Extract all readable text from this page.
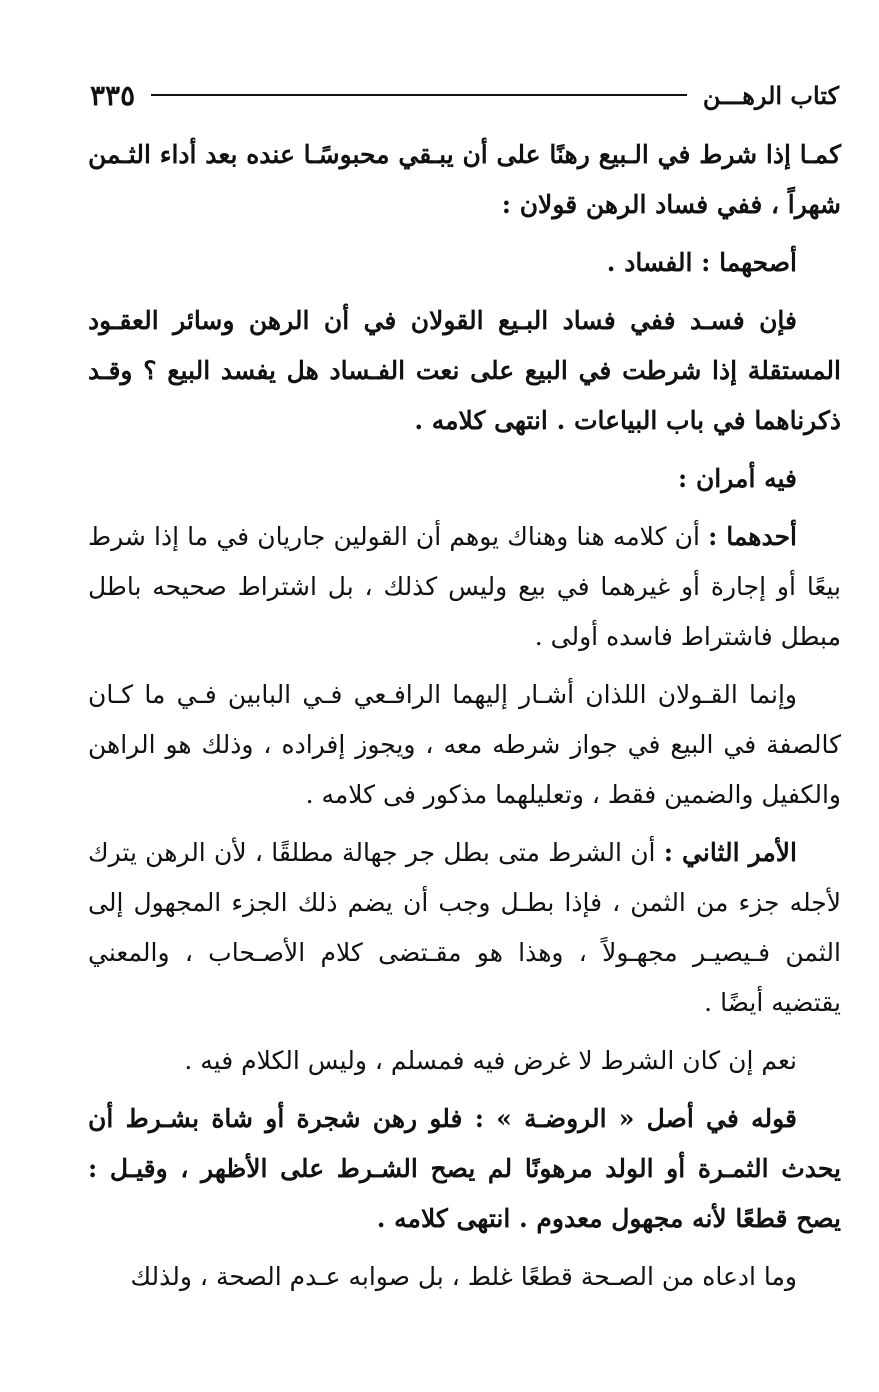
كتاب الرهـــن
٣٣٥

كمـا إذا شرط في الـبيع رهنًا على أن يبـقي محبوسًـا عنده بعد أداء الثـمن شهراً ، ففي فساد الرهن قولان :

أصحهما : الفساد .

فإن فسـد ففي فساد البـيع القولان في أن الرهن وسائر العقـود المستقلة إذا شرطت في البيع على نعت الفـساد هل يفسد البيع ؟ وقـد ذكرناهما في باب البياعات . انتهى كلامه .

فيه أمران :

أحدهما : أن كلامه هنا وهناك يوهم أن القولين جاريان في ما إذا شرط بيعًا أو إجارة أو غيرهما في بيع وليس كذلك ، بل اشتراط صحيحه باطل مبطل فاشتراط فاسده أولى .

وإنما القـولان اللذان أشـار إليهما الرافـعي فـي البابين فـي ما كـان كالصفة في البيع في جواز شرطه معه ، ويجوز إفراده ، وذلك هو الراهن والكفيل والضمين فقط ، وتعليلهما مذكور فى كلامه .

الأمر الثاني : أن الشرط متى بطل جر جهالة مطلقًا ، لأن الرهن يترك لأجله جزء من الثمن ، فإذا بطـل وجب أن يضم ذلك الجزء المجهول إلى الثمن فـيصيـر مجهـولاً ، وهذا هو مقـتضى كلام الأصـحاب ، والمعني يقتضيه أيضًا .

نعم إن كان الشرط لا غرض فيه فمسلم ، وليس الكلام فيه .

قوله في أصل « الروضـة » : فلو رهن شجرة أو شاة بشـرط أن يحدث الثمـرة أو الولد مرهونًا لم يصح الشـرط على الأظهر ، وقيـل : يصح قطعًا لأنه مجهول معدوم . انتهى كلامه .

وما ادعاه من الصـحة قطعًا غلط ، بل صوابه عـدم الصحة ، ولذلك
